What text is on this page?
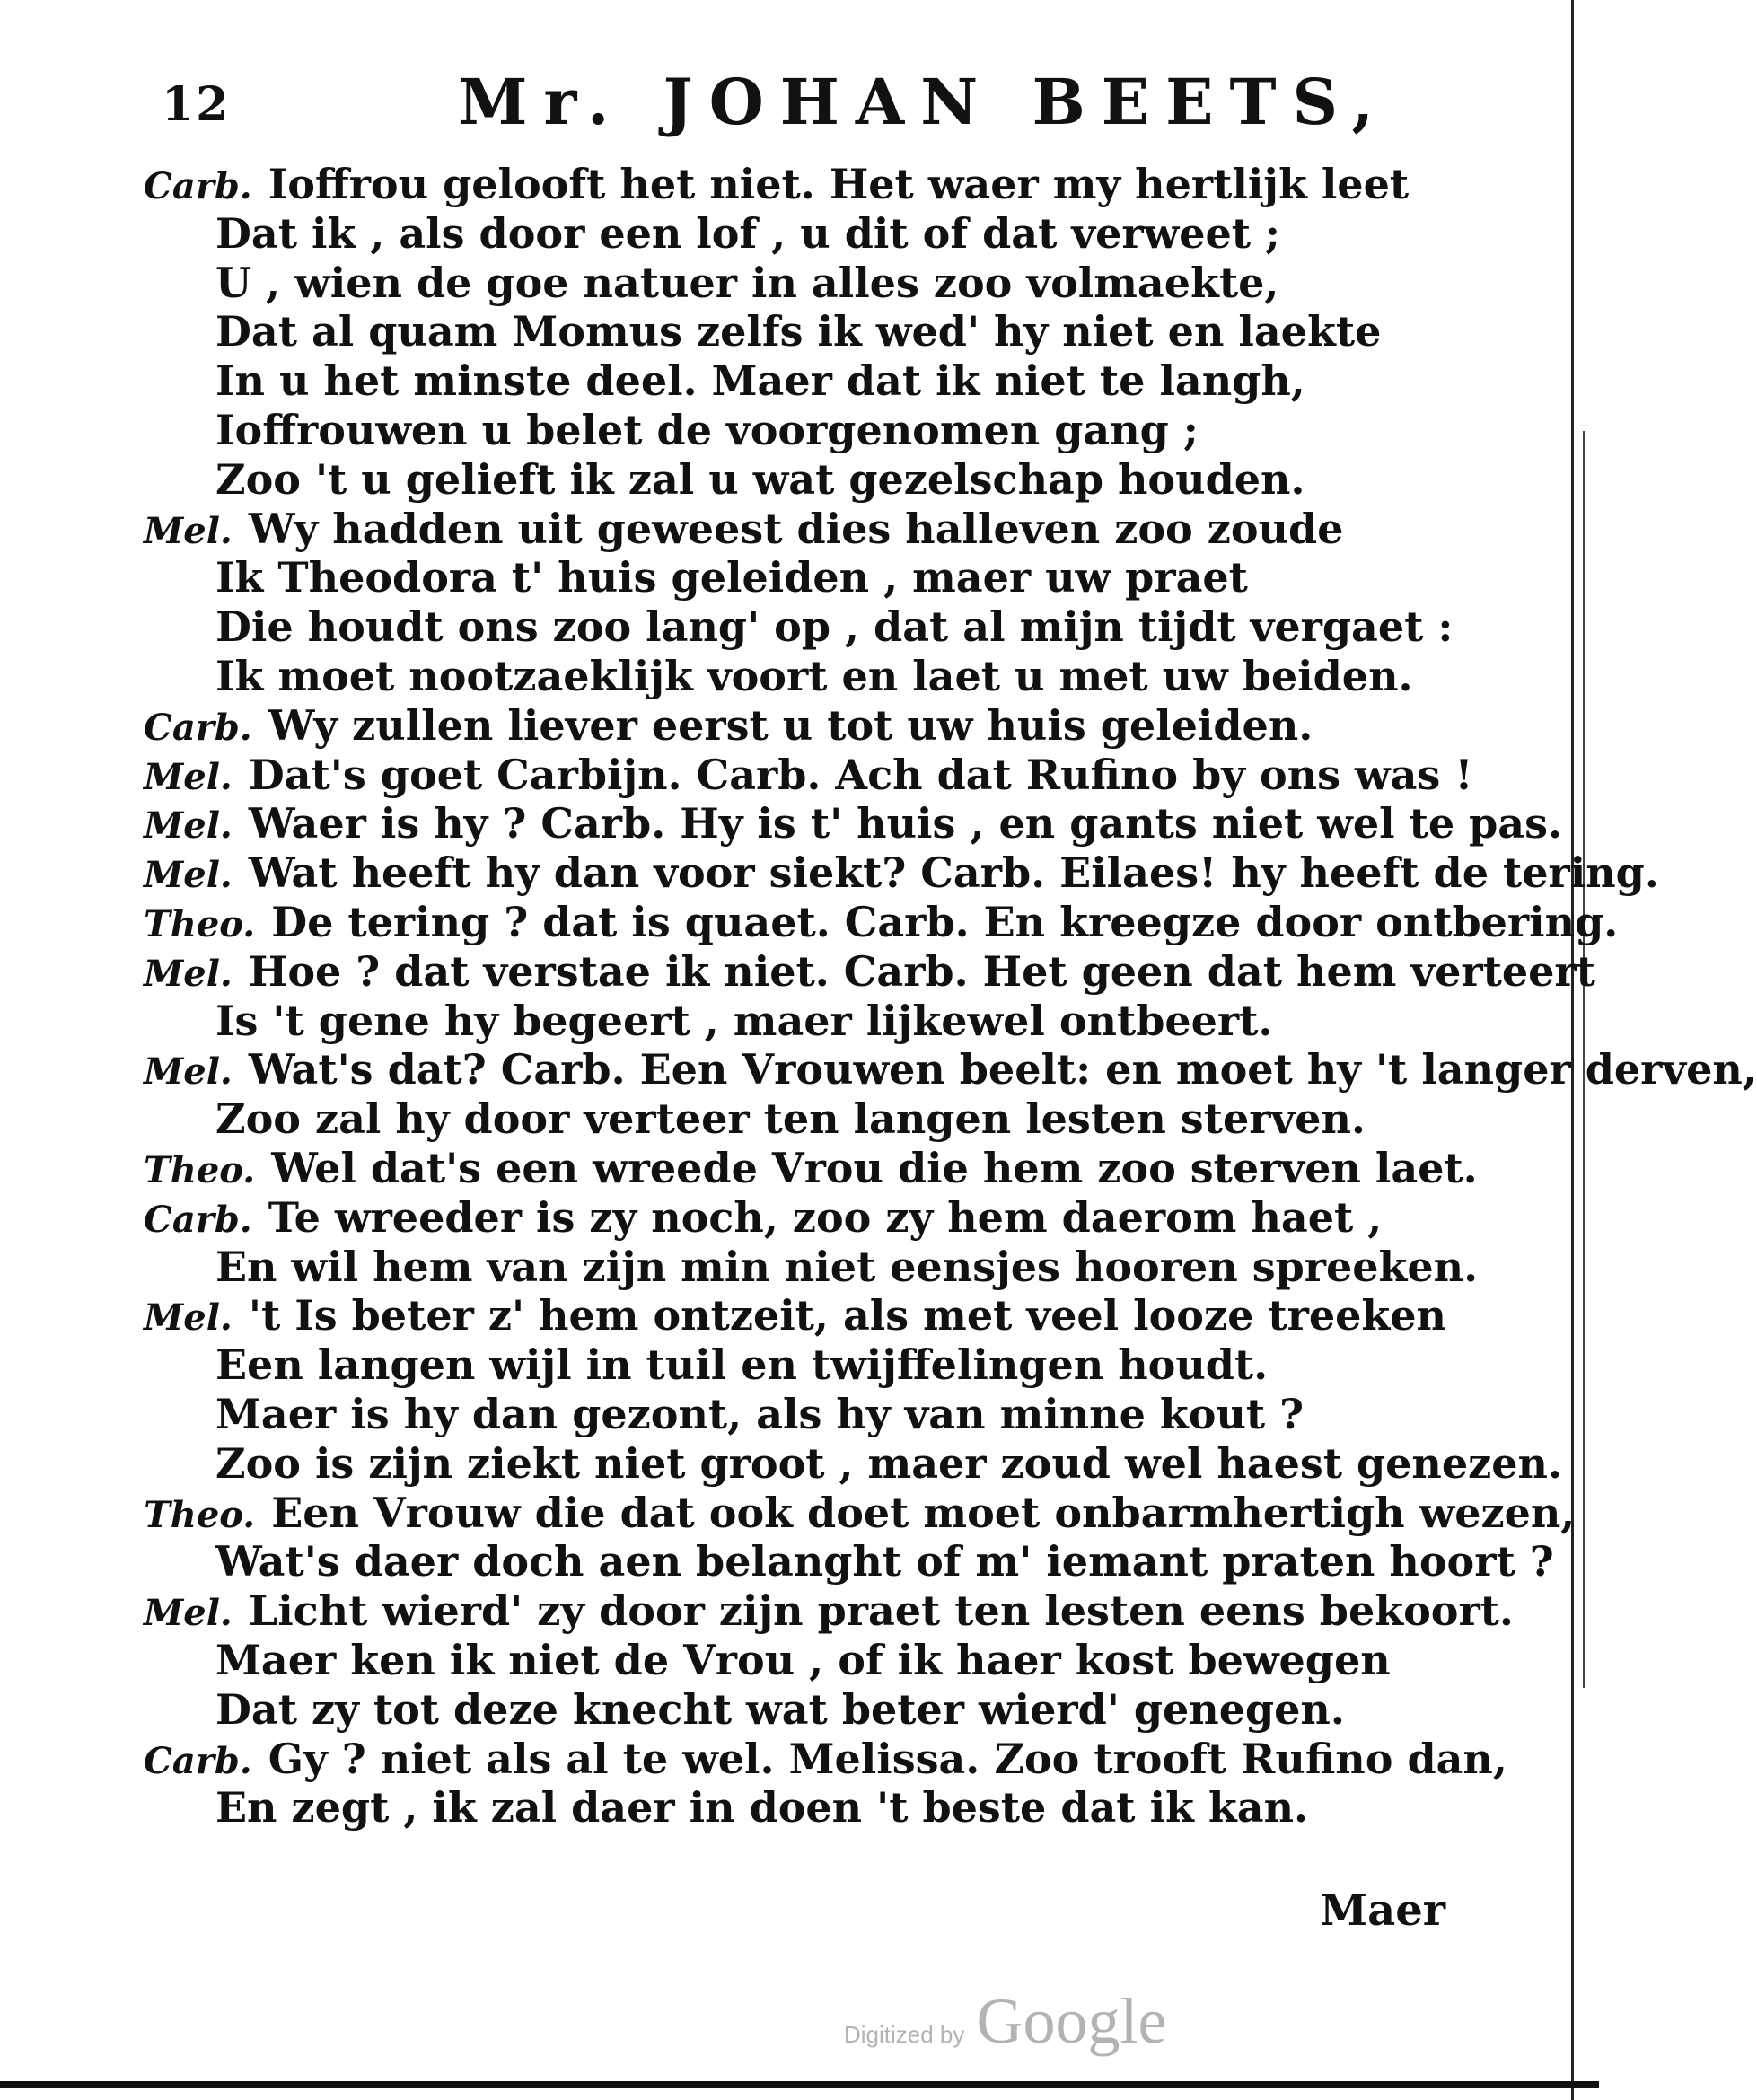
12	Mr. JOHAN BEETS,
Carb. Ioffrou gelooft het niet. Het waer my hertlijk leet
Dat ik , als door een lof , u dit of dat verweet ;
U , wien de goe natuer in alles zoo volmaekte,
Dat al quam Momus zelfs ik wed' hy niet en laekte
In u het minste deel. Maer dat ik niet te langh,
Ioffrouwen u belet de voorgenomen gang ;
Zoo 't u gelieft ik zal u wat gezelschap houden.
Mel. Wy hadden uit geweest dies halleven zoo zoude
Ik Theodora t' huis geleiden , maer uw praet
Die houdt ons zoo lang' op , dat al mijn tijdt vergaet :
Ik moet nootzaeklijk voort en laet u met uw beiden.
Carb. Wy zullen liever eerst u tot uw huis geleiden.
Mel. Dat's goet Carbijn. Carb. Ach dat Rufino by ons was !
Mel. Waer is hy ? Carb. Hy is t' huis , en gants niet wel te pas.
Mel. Wat heeft hy dan voor siekt? Carb. Eilaes! hy heeft de tering.
Theo. De tering ? dat is quaet. Carb. En kreegze door ontbering.
Mel. Hoe ? dat verstae ik niet. Carb. Het geen dat hem verteert
Is 't gene hy begeert , maer lijkewel ontbeert.
Mel. Wat's dat? Carb. Een Vrouwen beelt: en moet hy 't langer derven,
Zoo zal hy door verteer ten langen lesten sterven.
Theo. Wel dat's een wreede Vrou die hem zoo sterven laet.
Carb. Te wreeder is zy noch, zoo zy hem daerom haet ,
En wil hem van zijn min niet eensjes hooren spreeken.
Mel. 't Is beter z' hem ontzeit, als met veel looze treeken
Een langen wijl in tuil en twijffelingen houdt.
Maer is hy dan gezont, als hy van minne kout ?
Zoo is zijn ziekt niet groot , maer zoud wel haest genezen.
Theo. Een Vrouw die dat ook doet moet onbarmhertigh wezen,
Wat's daer doch aen belanght of m' iemant praten hoort ?
Mel. Licht wierd' zy door zijn praet ten lesten eens bekoort.
Maer ken ik niet de Vrou , of ik haer kost bewegen
Dat zy tot deze knecht wat beter wierd' genegen.
Carb. Gy ? niet als al te wel. Melissa. Zoo trooft Rufino dan,
En zegt , ik zal daer in doen 't beste dat ik kan.
Maer
Digitized by Google
